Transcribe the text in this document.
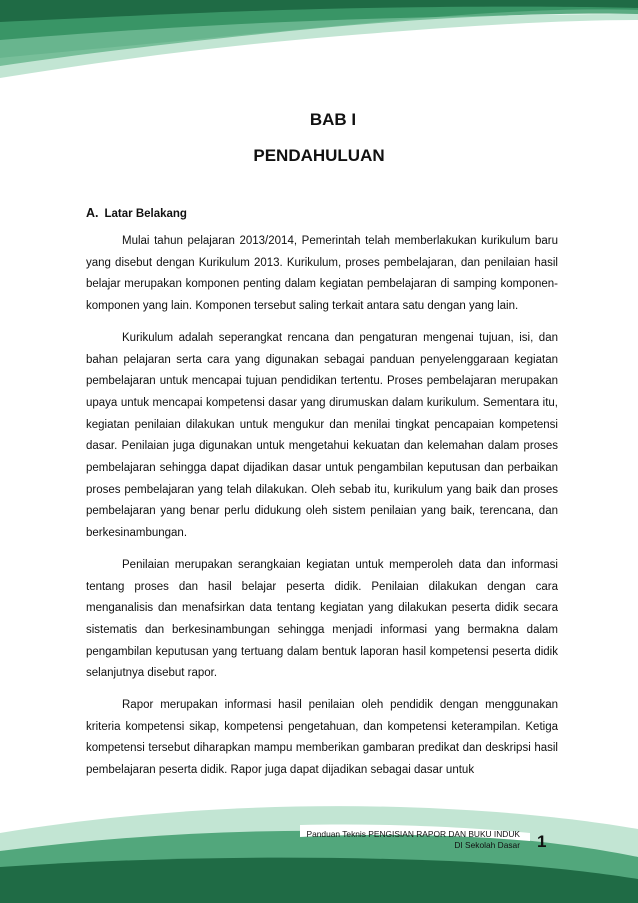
BAB I
PENDAHULUAN
A. Latar Belakang

Mulai tahun pelajaran 2013/2014, Pemerintah telah memberlakukan kurikulum baru yang disebut dengan Kurikulum 2013. Kurikulum, proses pembelajaran, dan penilaian hasil belajar merupakan komponen penting dalam kegiatan pembelajaran di samping komponen-komponen yang lain. Komponen tersebut saling terkait antara satu dengan yang lain.

Kurikulum adalah seperangkat rencana dan pengaturan mengenai tujuan, isi, dan bahan pelajaran serta cara yang digunakan sebagai panduan penyelenggaraan kegiatan pembelajaran untuk mencapai tujuan pendidikan tertentu. Proses pembelajaran merupakan upaya untuk mencapai kompetensi dasar yang dirumuskan dalam kurikulum. Sementara itu, kegiatan penilaian dilakukan untuk mengukur dan menilai tingkat pencapaian kompetensi dasar. Penilaian juga digunakan untuk mengetahui kekuatan dan kelemahan dalam proses pembelajaran sehingga dapat dijadikan dasar untuk pengambilan keputusan dan perbaikan proses pembelajaran yang telah dilakukan. Oleh sebab itu, kurikulum yang baik dan proses pembelajaran yang benar perlu didukung oleh sistem penilaian yang baik, terencana, dan berkesinambungan.

Penilaian merupakan serangkaian kegiatan untuk memperoleh data dan informasi tentang proses dan hasil belajar peserta didik. Penilaian dilakukan dengan cara menganalisis dan menafsirkan data tentang kegiatan yang dilakukan peserta didik secara sistematis dan berkesinambungan sehingga menjadi informasi yang bermakna dalam pengambilan keputusan yang tertuang dalam bentuk laporan hasil kompetensi peserta didik selanjutnya disebut rapor.

Rapor merupakan informasi hasil penilaian oleh pendidik dengan menggunakan kriteria kompetensi sikap, kompetensi pengetahuan, dan kompetensi keterampilan. Ketiga kompetensi tersebut diharapkan mampu memberikan gambaran predikat dan deskripsi hasil pembelajaran peserta didik. Rapor juga dapat dijadikan sebagai dasar untuk

Panduan Teknis PENGISIAN RAPOR DAN BUKU INDUK
DI Sekolah Dasar 1
